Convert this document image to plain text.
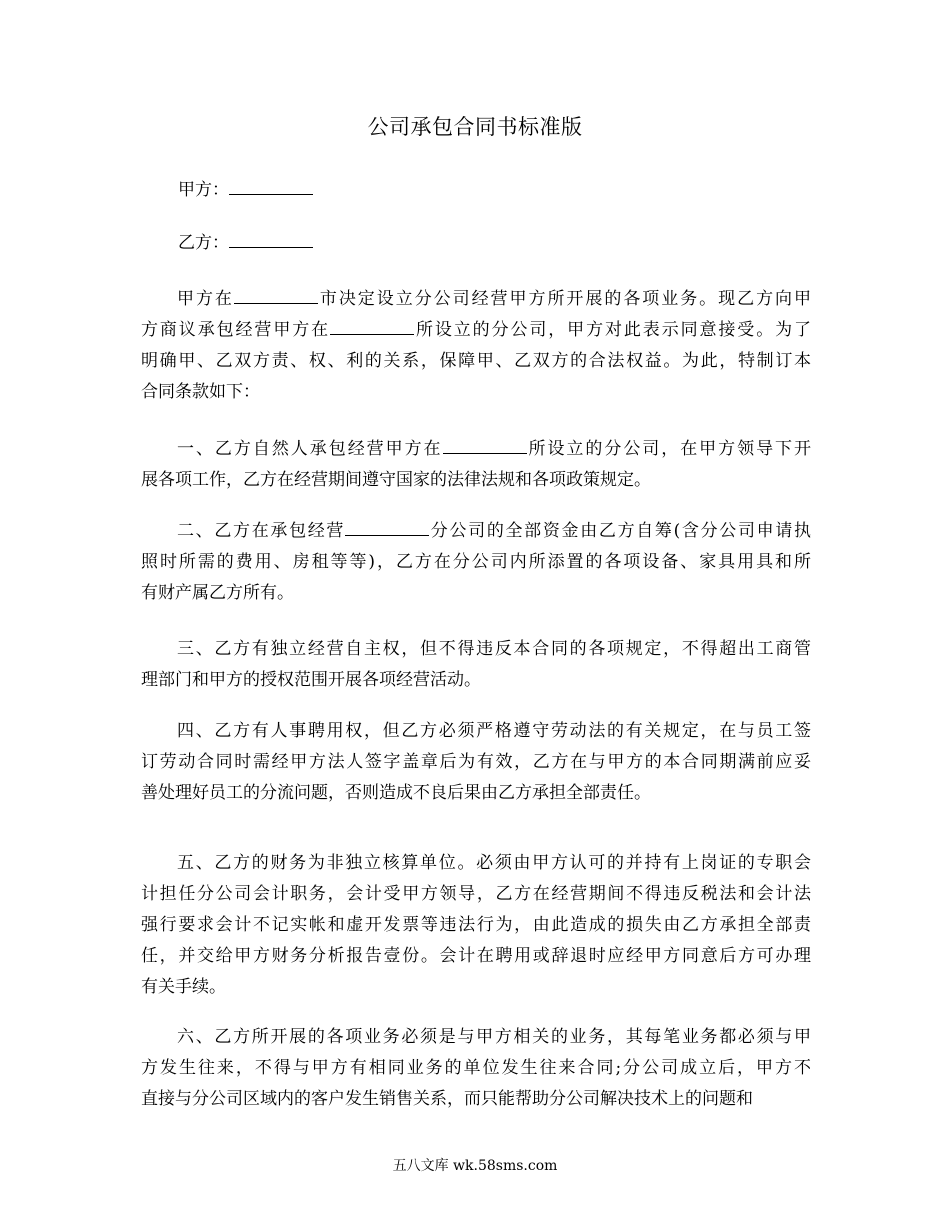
公司承包合同书标准版
甲方：
乙方：
甲方在	市决定设立分公司经营甲方所开展的各项业务。现乙方向甲
方商议承包经营甲方在	所设立的分公司，甲方对此表示同意接受。为了
明确甲、乙双方责、权、利的关系，保障甲、乙双方的合法权益。为此，特制订本
合同条款如下：
一、乙方自然人承包经营甲方在	所设立的分公司，在甲方领导下开
展各项工作，乙方在经营期间遵守国家的法律法规和各项政策规定。
二、乙方在承包经营	分公司的全部资金由乙方自筹(含分公司申请执
照时所需的费用、房租等等)，乙方在分公司内所添置的各项设备、家具用具和所
有财产属乙方所有。
三、乙方有独立经营自主权，但不得违反本合同的各项规定，不得超出工商管
理部门和甲方的授权范围开展各项经营活动。
四、乙方有人事聘用权，但乙方必须严格遵守劳动法的有关规定，在与员工签
订劳动合同时需经甲方法人签字盖章后为有效，乙方在与甲方的本合同期满前应妥
善处理好员工的分流问题，否则造成不良后果由乙方承担全部责任。
五、乙方的财务为非独立核算单位。必须由甲方认可的并持有上岗证的专职会
计担任分公司会计职务，会计受甲方领导，乙方在经营期间不得违反税法和会计法
强行要求会计不记实帐和虚开发票等违法行为，由此造成的损失由乙方承担全部责
任，并交给甲方财务分析报告壹份。会计在聘用或辞退时应经甲方同意后方可办理
有关手续。
六、乙方所开展的各项业务必须是与甲方相关的业务，其每笔业务都必须与甲
方发生往来，不得与甲方有相同业务的单位发生往来合同;分公司成立后，甲方不
直接与分公司区域内的客户发生销售关系，而只能帮助分公司解决技术上的问题和
五八文库 wk.58sms.com
